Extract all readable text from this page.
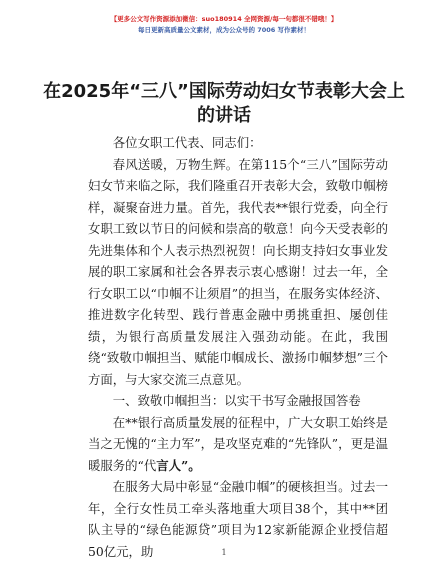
【更多公文写作资源添加微信：suo180914 全网资源/每一句都很不错哦！】
每日更新高质量公文素材，成为公众号的 7006 写作素材！
在2025年“三八”国际劳动妇女节表彰大会上的讲话

各位女职工代表、同志们：

春风送暖，万物生辉。在第115个“三八”国际劳动妇女节来临之际，我们隆重召开表彰大会，致敬巾帼榜样，凝聚奋进力量。首先，我代表**银行党委，向全行女职工致以节日的问候和崇高的敬意！向今天受表彰的先进集体和个人表示热烈祝贺！向长期支持妇女事业发展的职工家属和社会各界表示衷心感谢！过去一年，全行女职工以“巾帼不让须眉”的担当，在服务实体经济、推进数字化转型、践行普惠金融中勇挑重担、屡创佳绩，为银行高质量发展注入强劲动能。在此，我围绕“致敬巾帼担当、赋能巾帼成长、激扬巾帼梦想”三个方面，与大家交流三点意见。

一、致敬巾帼担当：以实干书写金融报国答卷

在**银行高质量发展的征程中，广大女职工始终是当之无愧的“主力军”，是攻坚克难的“先锋队”，更是温暖服务的“代言人”。

在服务大局中彰显“金融巾帼”的硬核担当。过去一年，全行女性员工牵头落地重大项目38个，其中**团队主导的“绿色能源贷”项目为12家新能源企业授信超50亿元，助	1
